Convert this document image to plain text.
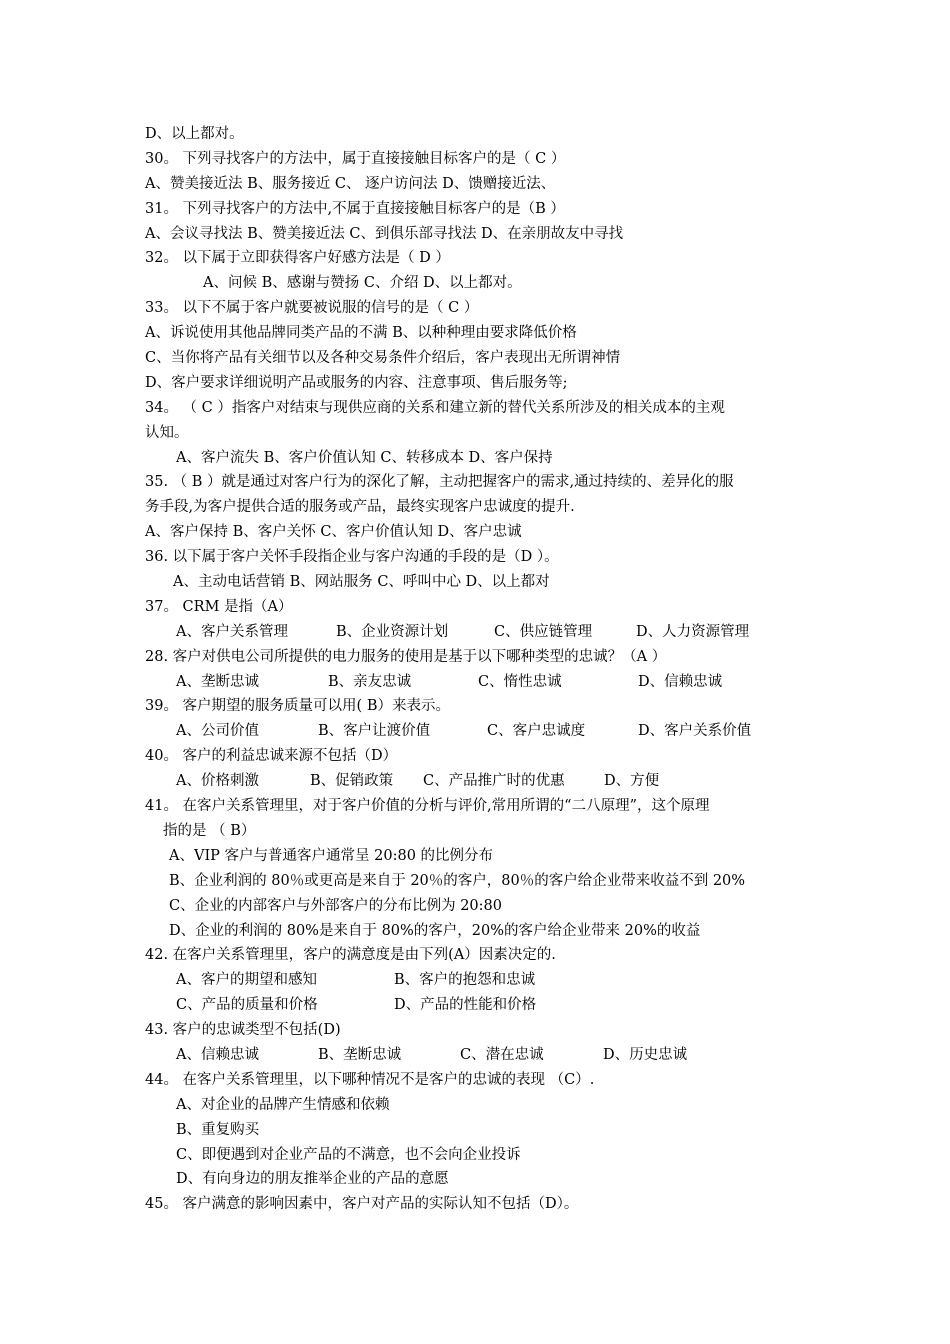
D、以上都对。
30。 下列寻找客户的方法中，属于直接接触目标客户的是（ C ）
A、赞美接近法 B、服务接近 C、 逐户访问法 D、馈赠接近法、
31。 下列寻找客户的方法中,不属于直接接触目标客户的是（B ）
A、会议寻找法 B、赞美接近法 C、到俱乐部寻找法 D、在亲朋故友中寻找
32。 以下属于立即获得客户好感方法是（ D ）
A、问候 B、感谢与赞扬 C、介绍 D、以上都对。
33。 以下不属于客户就要被说服的信号的是（ C ）
A、诉说使用其他品牌同类产品的不满 B、以种种理由要求降低价格
C、当你将产品有关细节以及各种交易条件介绍后，客户表现出无所谓神情
D、客户要求详细说明产品或服务的内容、注意事项、售后服务等;
34。 （ C ）指客户对结束与现供应商的关系和建立新的替代关系所涉及的相关成本的主观
认知。
A、客户流失 B、客户价值认知 C、转移成本 D、客户保持
35. （ B ）就是通过对客户行为的深化了解，主动把握客户的需求,通过持续的、差异化的服
务手段,为客户提供合适的服务或产品，最终实现客户忠诚度的提升.
A、客户保持 B、客户关怀 C、客户价值认知 D、客户忠诚
36. 以下属于客户关怀手段指企业与客户沟通的手段的是（D ）。
A、主动电话营销 B、网站服务 C、呼叫中心 D、以上都对
37。 CRM 是指（A）
A、客户关系管理	B、企业资源计划	C、供应链管理	D、人力资源管理
28. 客户对供电公司所提供的电力服务的使用是基于以下哪种类型的忠诚？（A ）
A、垄断忠诚	B、亲友忠诚	C、惰性忠诚	D、信赖忠诚
39。 客户期望的服务质量可以用( B）来表示。
A、公司价值	B、客户让渡价值	C、客户忠诚度	D、客户关系价值
40。 客户的利益忠诚来源不包括（D）
A、价格刺激	B、促销政策	C、产品推广时的优惠	D、方便
41。 在客户关系管理里，对于客户价值的分析与评价,常用所谓的“二八原理”，这个原理
指的是 （ B）
A、VIP 客户与普通客户通常呈 20:80 的比例分布
B、企业利润的 80％或更高是来自于 20％的客户，80％的客户给企业带来收益不到 20%
C、企业的内部客户与外部客户的分布比例为 20:80
D、企业的利润的 80%是来自于 80%的客户，20%的客户给企业带来 20%的收益
42. 在客户关系管理里，客户的满意度是由下列(A）因素决定的.
A、客户的期望和感知	B、客户的抱怨和忠诚
C、产品的质量和价格	D、产品的性能和价格
43. 客户的忠诚类型不包括(D)
A、信赖忠诚	B、垄断忠诚	C、潜在忠诚	D、历史忠诚
44。 在客户关系管理里，以下哪种情况不是客户的忠诚的表现 （C）.
A、对企业的品牌产生情感和依赖
B、重复购买
C、即便遇到对企业产品的不满意，也不会向企业投诉
D、有向身边的朋友推举企业的产品的意愿
45。 客户满意的影响因素中，客户对产品的实际认知不包括（D）。
